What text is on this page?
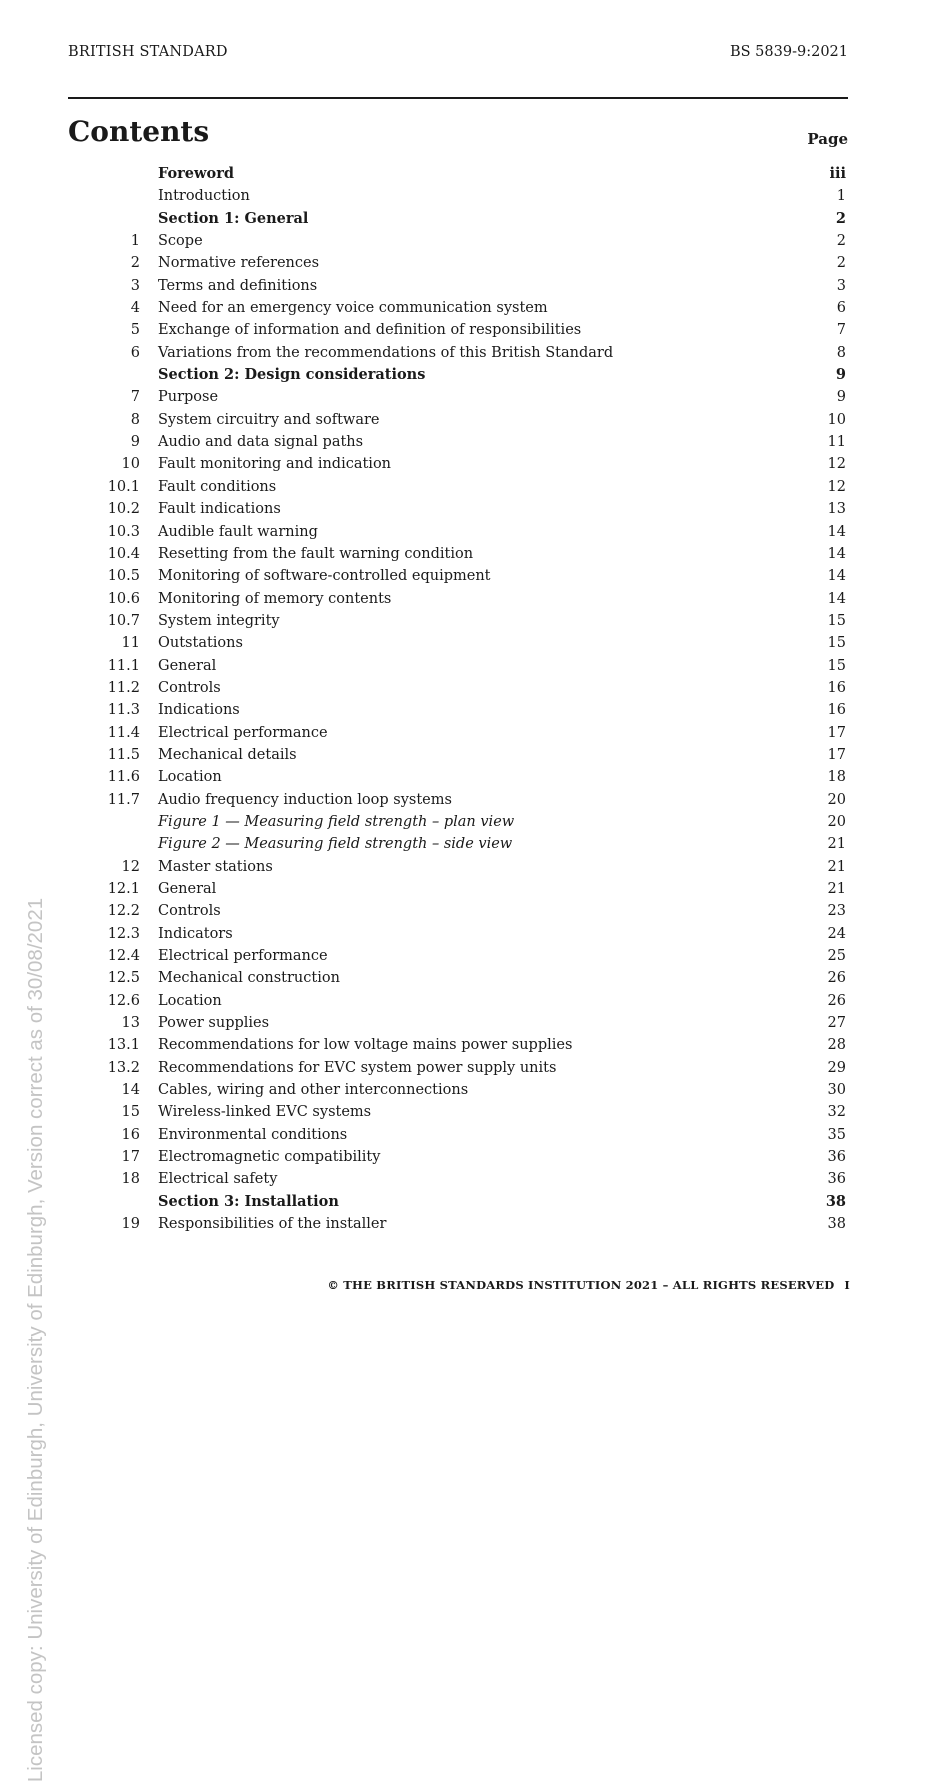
BRITISH STANDARD	BS 5839-9:2021
Contents	Page
Foreword	iii
Introduction	1
Section 1: General	2
1 Scope	2
2 Normative references	2
3 Terms and definitions	3
4 Need for an emergency voice communication system	6
5 Exchange of information and definition of responsibilities	7
6 Variations from the recommendations of this British Standard	8
Section 2: Design considerations	9
7 Purpose	9
8 System circuitry and software	10
9 Audio and data signal paths	11
10 Fault monitoring and indication	12
10.1 Fault conditions	12
10.2 Fault indications	13
10.3 Audible fault warning	14
10.4 Resetting from the fault warning condition	14
10.5 Monitoring of software-controlled equipment	14
10.6 Monitoring of memory contents	14
10.7 System integrity	15
11 Outstations	15
11.1 General	15
11.2 Controls	16
11.3 Indications	16
11.4 Electrical performance	17
11.5 Mechanical details	17
11.6 Location	18
11.7 Audio frequency induction loop systems	20
Figure 1 — Measuring field strength – plan view	20
Figure 2 — Measuring field strength – side view	21
12 Master stations	21
12.1 General	21
12.2 Controls	23
12.3 Indicators	24
12.4 Electrical performance	25
12.5 Mechanical construction	26
12.6 Location	26
13 Power supplies	27
13.1 Recommendations for low voltage mains power supplies	28
13.2 Recommendations for EVC system power supply units	29
14 Cables, wiring and other interconnections	30
15 Wireless-linked EVC systems	32
16 Environmental conditions	35
17 Electromagnetic compatibility	36
18 Electrical safety	36
Section 3: Installation	38
19 Responsibilities of the installer	38
Licensed copy: University of Edinburgh, University of Edinburgh, Version correct as of 30/08/2021	© THE BRITISH STANDARDS INSTITUTION 2021 – ALL RIGHTS RESERVED I
